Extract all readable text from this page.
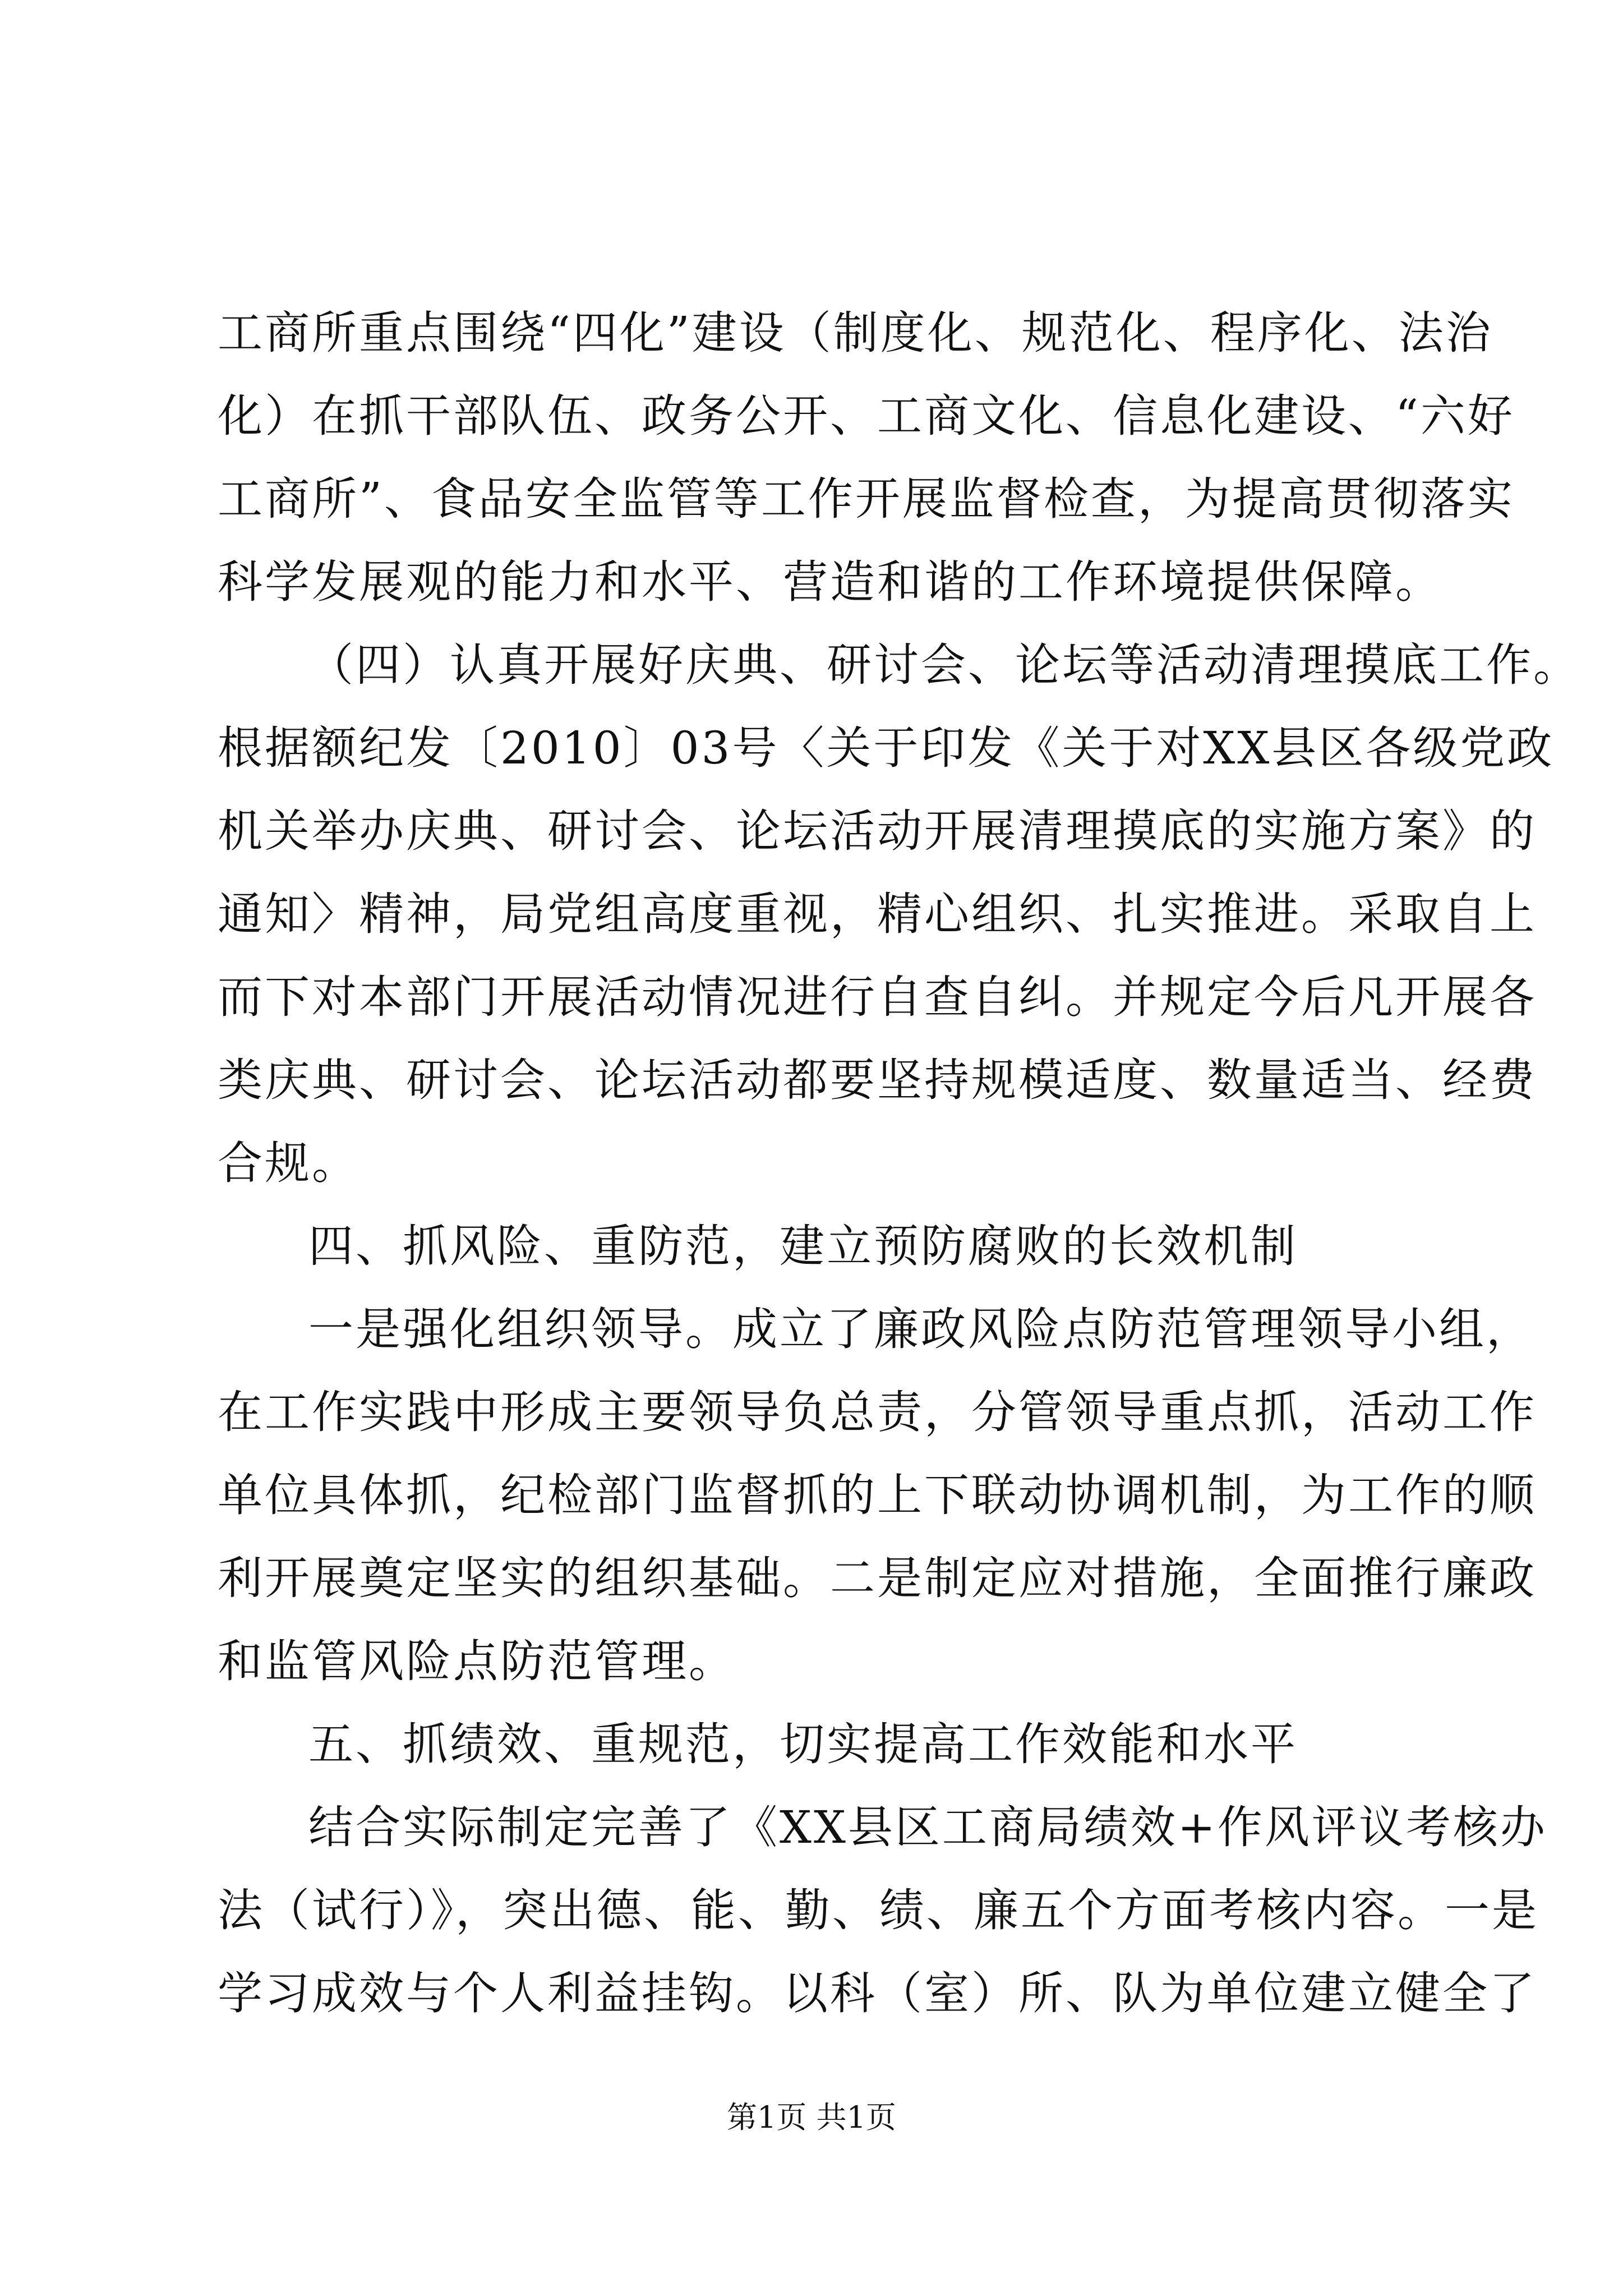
工商所重点围绕“四化”建设（制度化、规范化、程序化、法治
化）在抓干部队伍、政务公开、工商文化、信息化建设、“六好
工商所”、食品安全监管等工作开展监督检查，为提高贯彻落实
科学发展观的能力和水平、营造和谐的工作环境提供保障。
（四）认真开展好庆典、研讨会、论坛等活动清理摸底工作。
根据额纪发〔2010〕03号〈关于印发《关于对XX县区各级党政
机关举办庆典、研讨会、论坛活动开展清理摸底的实施方案》的
通知〉精神，局党组高度重视，精心组织、扎实推进。采取自上
而下对本部门开展活动情况进行自查自纠。并规定今后凡开展各
类庆典、研讨会、论坛活动都要坚持规模适度、数量适当、经费
合规。
四、抓风险、重防范，建立预防腐败的长效机制
一是强化组织领导。成立了廉政风险点防范管理领导小组，
在工作实践中形成主要领导负总责，分管领导重点抓，活动工作
单位具体抓，纪检部门监督抓的上下联动协调机制，为工作的顺
利开展奠定坚实的组织基础。二是制定应对措施，全面推行廉政
和监管风险点防范管理。
五、抓绩效、重规范，切实提高工作效能和水平
结合实际制定完善了《XX县区工商局绩效+作风评议考核办
法（试行）》，突出德、能、勤、绩、廉五个方面考核内容。一是
学习成效与个人利益挂钩。以科（室）所、队为单位建立健全了
第1页 共1页
